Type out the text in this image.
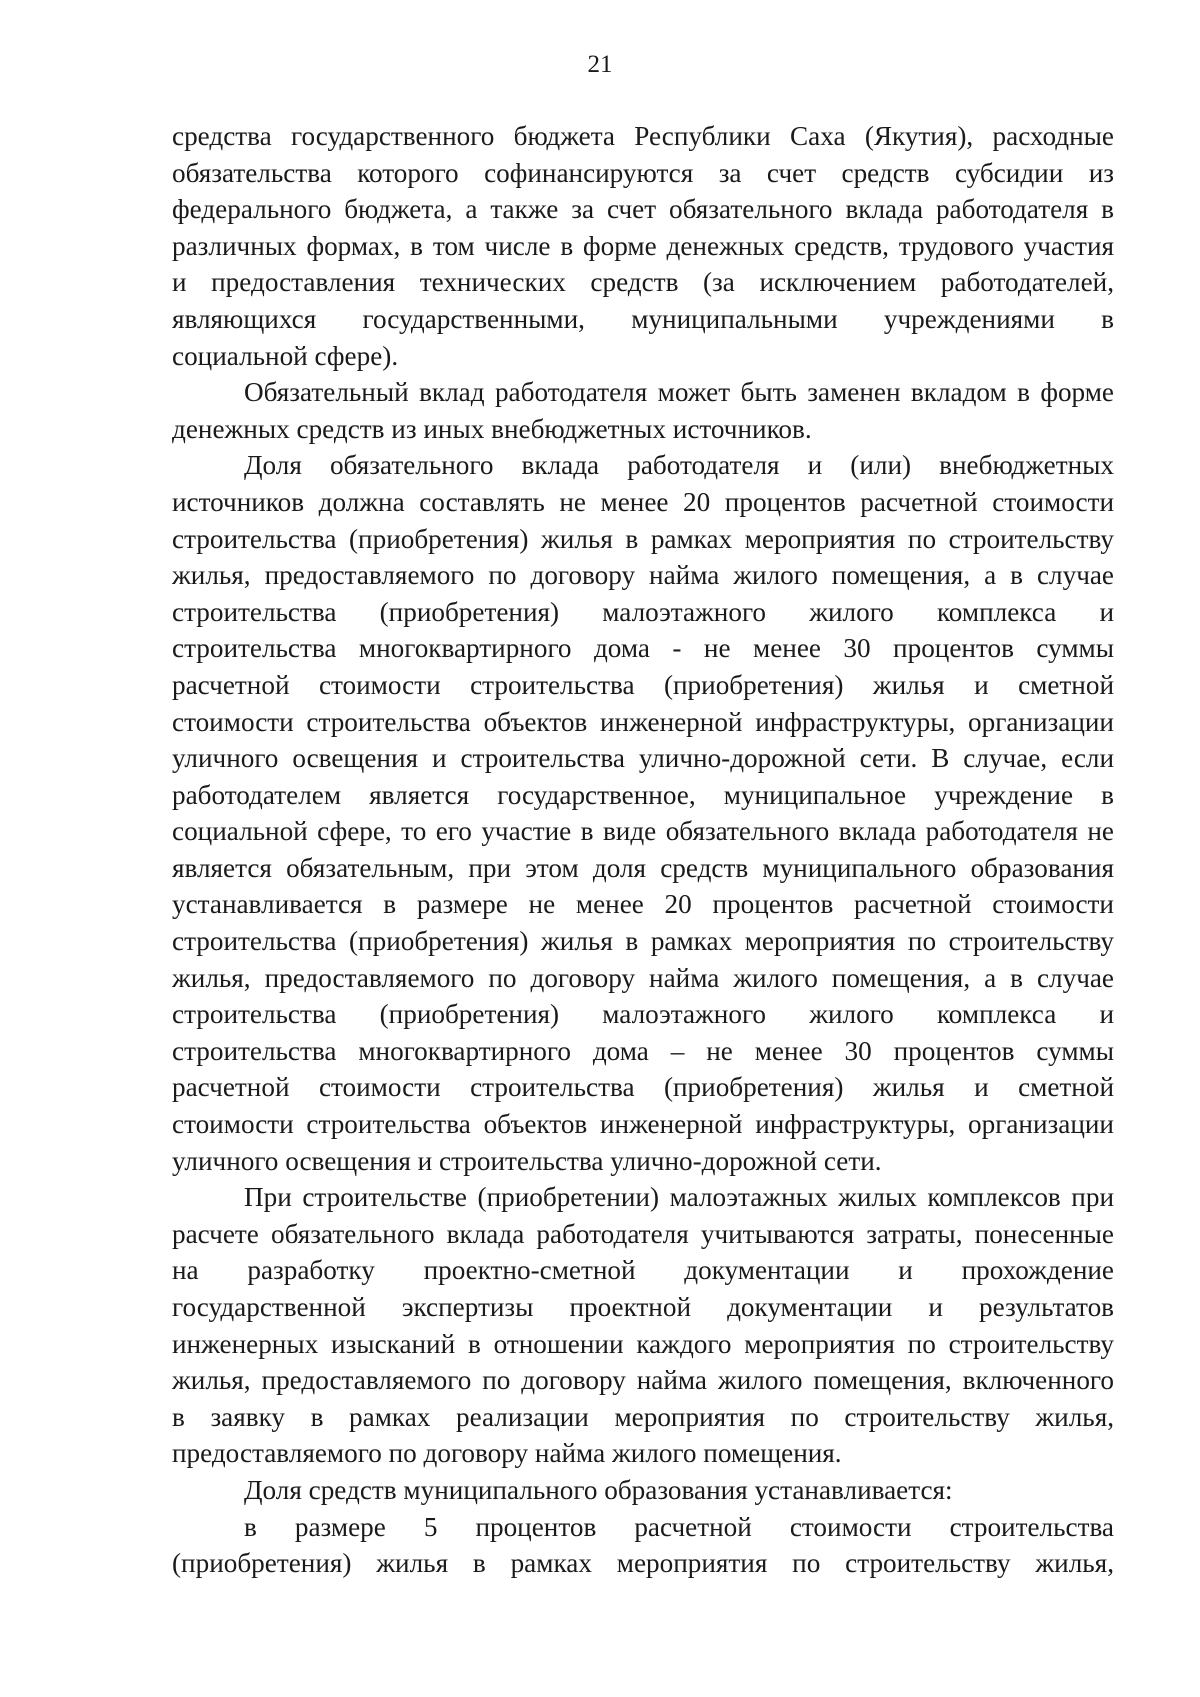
21
средства государственного бюджета Республики Саха (Якутия), расходные
обязательства которого софинансируются за счет средств субсидии из
федерального бюджета, а также за счет обязательного вклада работодателя в
различных формах, в том числе в форме денежных средств, трудового участия
и предоставления технических средств (за исключением работодателей,
являющихся государственными, муниципальными учреждениями в
социальной сфере).
Обязательный вклад работодателя может быть заменен вкладом в форме
денежных средств из иных внебюджетных источников.
Доля обязательного вклада работодателя и (или) внебюджетных
источников должна составлять не менее 20 процентов расчетной стоимости
строительства (приобретения) жилья в рамках мероприятия по строительству
жилья, предоставляемого по договору найма жилого помещения, а в случае
строительства (приобретения) малоэтажного жилого комплекса и
строительства многоквартирного дома - не менее 30 процентов суммы
расчетной стоимости строительства (приобретения) жилья и сметной
стоимости строительства объектов инженерной инфраструктуры, организации
уличного освещения и строительства улично-дорожной сети. В случае, если
работодателем является государственное, муниципальное учреждение в
социальной сфере, то его участие в виде обязательного вклада работодателя не
является обязательным, при этом доля средств муниципального образования
устанавливается в размере не менее 20 процентов расчетной стоимости
строительства (приобретения) жилья в рамках мероприятия по строительству
жилья, предоставляемого по договору найма жилого помещения, а в случае
строительства (приобретения) малоэтажного жилого комплекса и
строительства многоквартирного дома – не менее 30 процентов суммы
расчетной стоимости строительства (приобретения) жилья и сметной
стоимости строительства объектов инженерной инфраструктуры, организации
уличного освещения и строительства улично-дорожной сети.
При строительстве (приобретении) малоэтажных жилых комплексов при
расчете обязательного вклада работодателя учитываются затраты, понесенные
на разработку проектно-сметной документации и прохождение
государственной экспертизы проектной документации и результатов
инженерных изысканий в отношении каждого мероприятия по строительству
жилья, предоставляемого по договору найма жилого помещения, включенного
в заявку в рамках реализации мероприятия по строительству жилья,
предоставляемого по договору найма жилого помещения.
Доля средств муниципального образования устанавливается:
в размере 5 процентов расчетной стоимости строительства
(приобретения) жилья в рамках мероприятия по строительству жилья,
